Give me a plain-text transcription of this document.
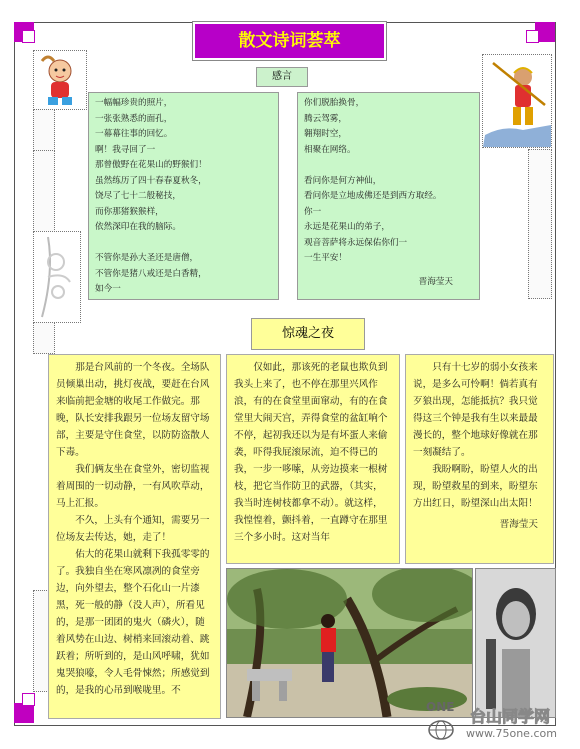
散文诗词荟萃
感言
一幅幅珍贵的照片，
一张张熟悉的面孔，
一幕幕往事的回忆。
啊！我寻回了一
那曾傲野在花果山的野猴们！
虽然练历了四十春春夏秋冬，
饶尽了七十二般秘技，
而你那猪猴猴样，
依然深印在我的脑际。

不管你是孙大圣还是唐僧，
不管你是猪八戒还是白香精，
如今一
你们脱胎换骨，
腾云驾雾，
翱翔时空，
相聚在网络。

看问你是何方神仙，
看问你是立地成佛还是到西方取经。
你一
永远是花果山的弟子，
观音菩萨将永远保佑你们一
一生平安！
晋海莹天
惊魂之夜

那是台风前的一个冬夜。全场队员倾巢出动，挑灯夜战，要赶在台风来临前把金塘的收尾工作做完。那晚，队长安排我跟另一位场友留守场部，主要是守住食堂，以防防盗散人下毒。

我们俩友坐在食堂外，密切监视着周围的一切动静，一有风吹草动，马上汇报。

不久，上头有个通知，需要另一位场友去传达，她，走了！

佑大的花果山就剩下我孤零零的了。我独自坐在寒风凛冽的食堂旁边，向外望去，整个石化山一片漆黑，死一般的静（没人声），所看见的，是那一团团的鬼火（磷火），随着风势在山边、树梢来回滚动着、跳跃着；所听到的，是山风呼啸，犹如鬼哭狼嚎，令人毛骨悚然；所感觉到的，是我的心吊到喉咙里。不

仅如此，那该死的老鼠也欺负到我头上来了，也不停在那里兴风作浪，有的在食堂里面窜动，有的在食堂里大闹天宫，弄得食堂的盆缸响个不停，起初我还以为是有坏蛋人来偷袭，吓得我屁滚尿流，迫不得已的我，一步一哆嗦，从旁边摸来一根树枝，把它当作防卫的武器，（其实，我当时连树枝都拿不动）。就这样，我惶惶着，颤抖着，一直蹲守在那里三个多小时。这对当年

只有十七岁的弱小女孩来说，是多么可怜啊！倘若真有歹狼出现，怎能抵抗？我只觉得这三个钟是我有生以来最最漫长的，整个地球好像就在那一刻凝结了。

我盼啊盼，盼望人火的出现，盼望救星的到来，盼望东方出红日，盼望深山出太阳！

晋海莹天
ONE 台山同学网
www.75one.com
